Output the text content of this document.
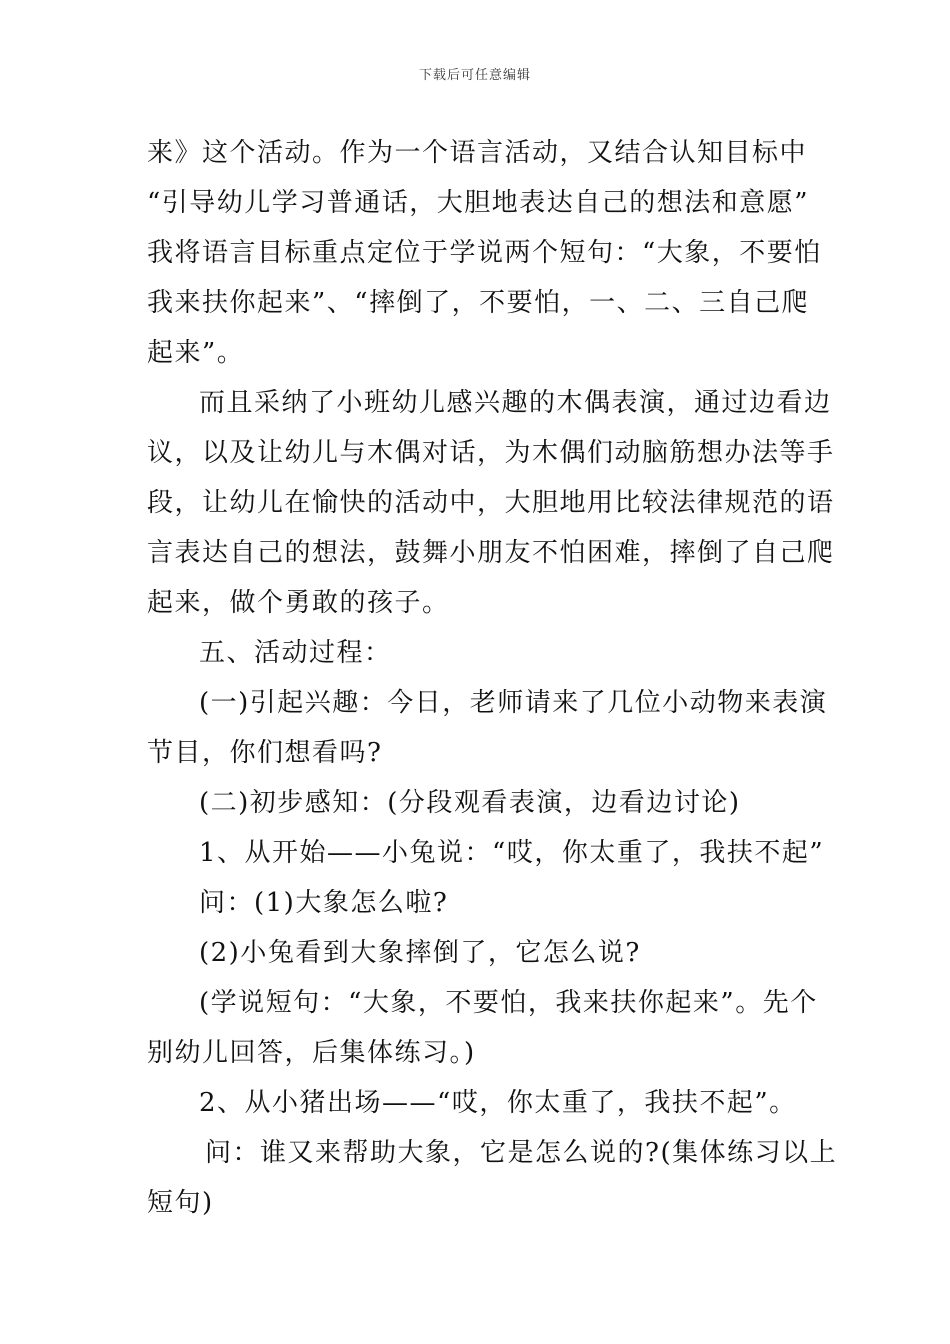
下载后可任意编辑
来》这个活动。作为一个语言活动，又结合认知目标中
“引导幼儿学习普通话，大胆地表达自己的想法和意愿”
我将语言目标重点定位于学说两个短句：“大象，不要怕
我来扶你起来”、“摔倒了，不要怕，一、二、三自己爬
起来”。
而且采纳了小班幼儿感兴趣的木偶表演，通过边看边
议，以及让幼儿与木偶对话，为木偶们动脑筋想办法等手
段，让幼儿在愉快的活动中，大胆地用比较法律规范的语
言表达自己的想法，鼓舞小朋友不怕困难，摔倒了自己爬
起来，做个勇敢的孩子。
五、活动过程：
(一)引起兴趣：今日，老师请来了几位小动物来表演
节目，你们想看吗?
(二)初步感知：(分段观看表演，边看边讨论)
1、从开始——小兔说：“哎，你太重了，我扶不起”
问：(1)大象怎么啦?
(2)小兔看到大象摔倒了，它怎么说?
(学说短句：“大象，不要怕，我来扶你起来”。先个
别幼儿回答，后集体练习。)
2、从小猪出场——“哎，你太重了，我扶不起”。
问：谁又来帮助大象，它是怎么说的?(集体练习以上
短句)
